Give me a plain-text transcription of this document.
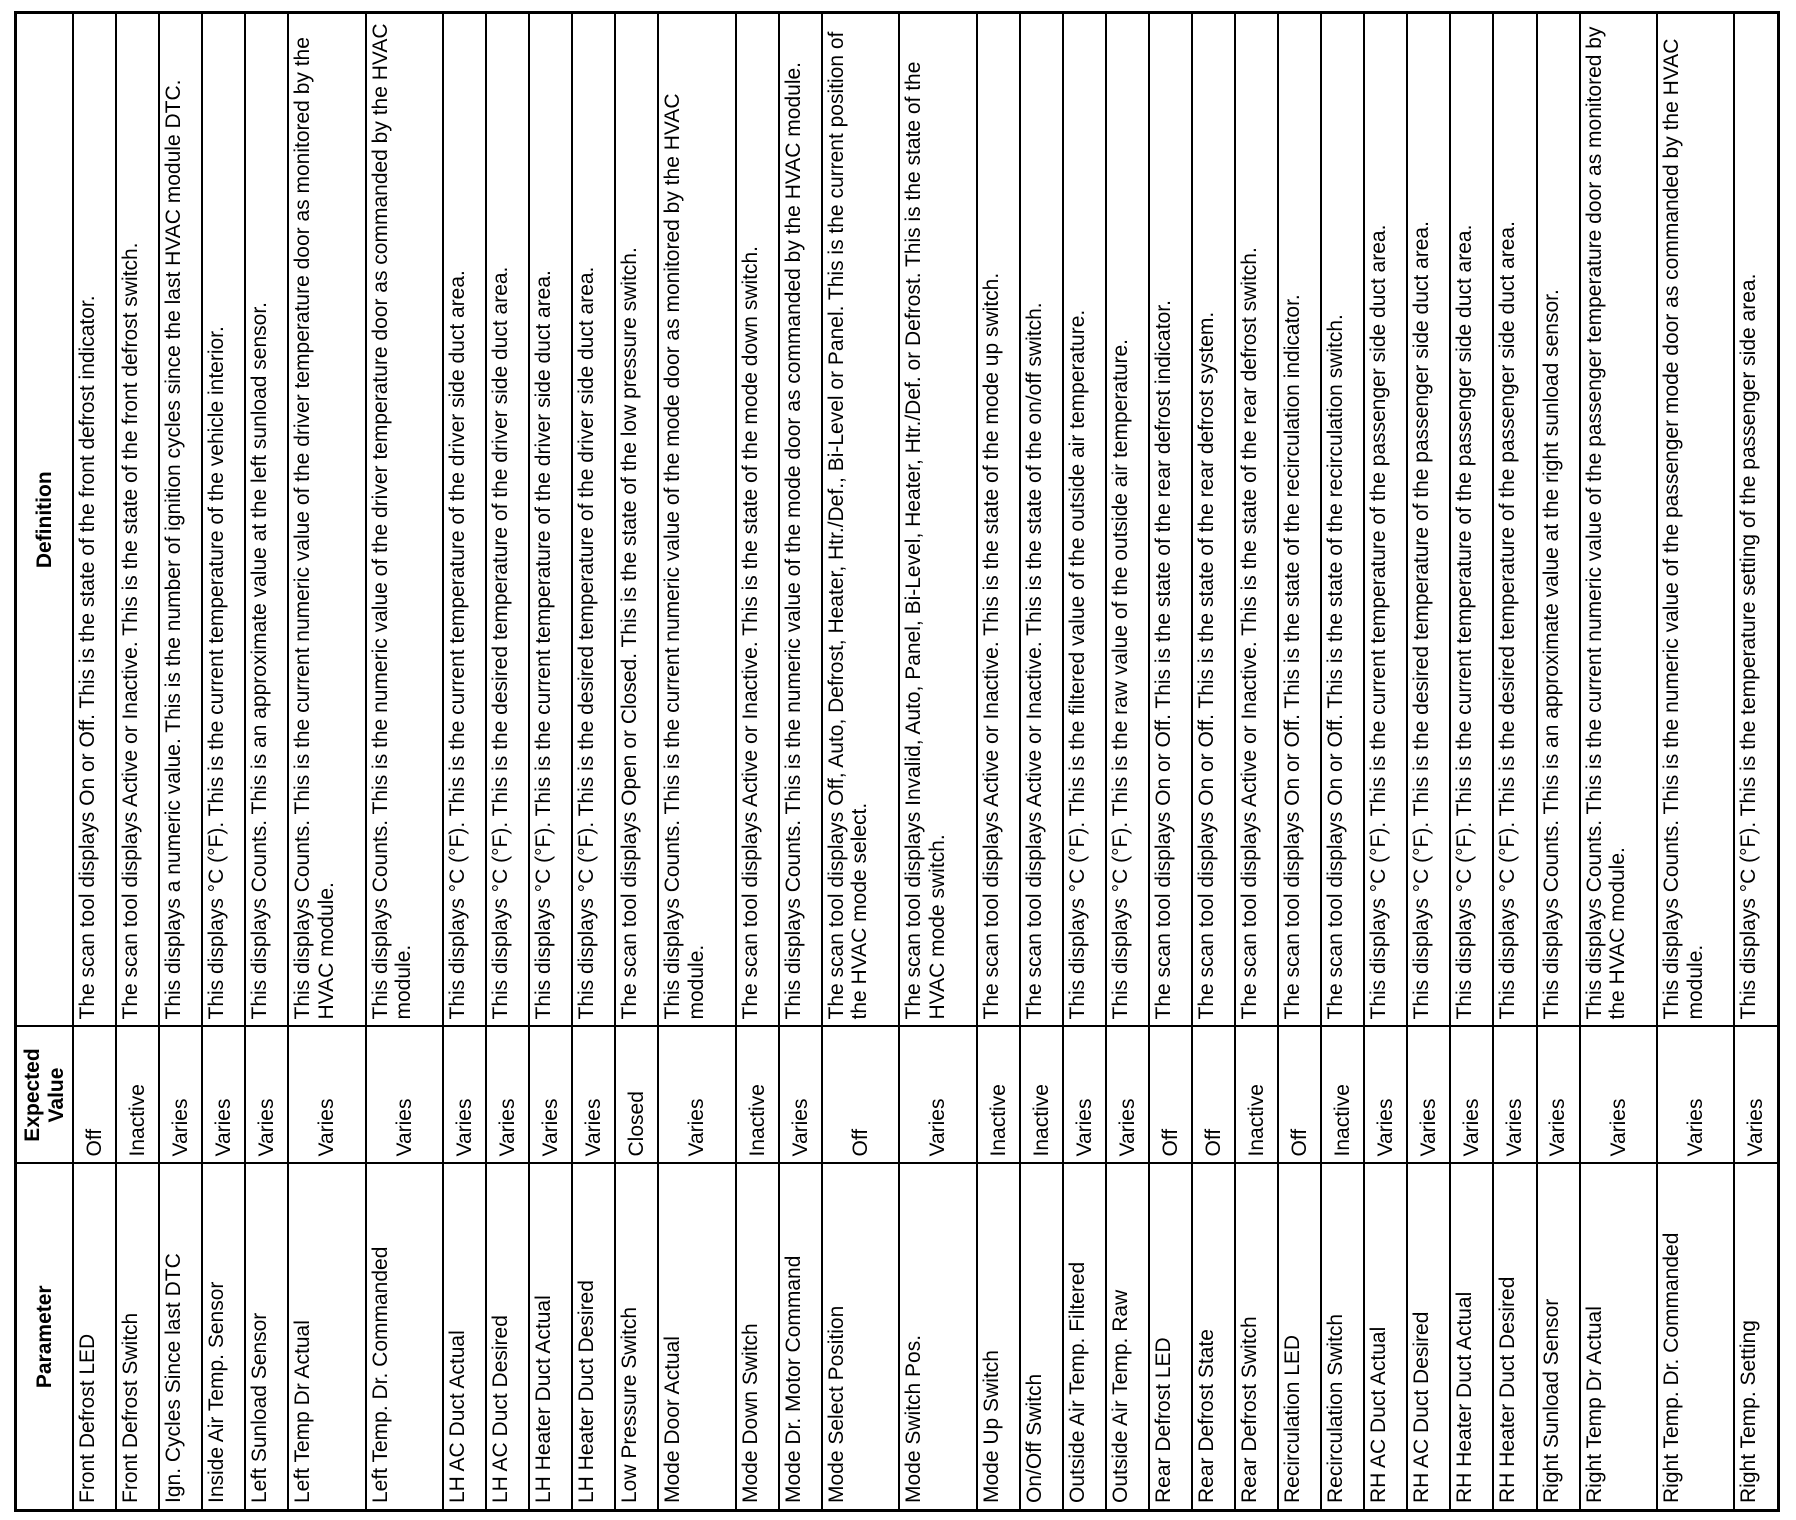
Parameter	Expected Value	Definition
Front Defrost LED	Off	The scan tool displays On or Off. This is the state of the front defrost indicator.
Front Defrost Switch	Inactive	The scan tool displays Active or Inactive. This is the state of the front defrost switch.
Ign. Cycles Since last DTC	Varies	This displays a numeric value. This is the number of ignition cycles since the last HVAC module DTC.
Inside Air Temp. Sensor	Varies	This displays °C (°F). This is the current temperature of the vehicle interior.
Left Sunload Sensor	Varies	This displays Counts. This is an approximate value at the left sunload sensor.
Left Temp Dr Actual	Varies	This displays Counts. This is the current numeric value of the driver temperature door as monitored by the HVAC module.
Left Temp. Dr. Commanded	Varies	This displays Counts. This is the numeric value of the driver temperature door as commanded by the HVAC module.
LH AC Duct Actual	Varies	This displays °C (°F). This is the current temperature of the driver side duct area.
LH AC Duct Desired	Varies	This displays °C (°F). This is the desired temperature of the driver side duct area.
LH Heater Duct Actual	Varies	This displays °C (°F). This is the current temperature of the driver side duct area.
LH Heater Duct Desired	Varies	This displays °C (°F). This is the desired temperature of the driver side duct area.
Low Pressure Switch	Closed	The scan tool displays Open or Closed. This is the state of the low pressure switch.
Mode Door Actual	Varies	This displays Counts. This is the current numeric value of the mode door as monitored by the HVAC module.
Mode Down Switch	Inactive	The scan tool displays Active or Inactive. This is the state of the mode down switch.
Mode Dr. Motor Command	Varies	This displays Counts. This is the numeric value of the mode door as commanded by the HVAC module.
Mode Select Position	Off	The scan tool displays Off, Auto, Defrost, Heater, Htr./Def., Bi-Level or Panel. This is the current position of the HVAC mode select.
Mode Switch Pos.	Varies	The scan tool displays Invalid, Auto, Panel, Bi-Level, Heater, Htr./Def. or Defrost. This is the state of the HVAC mode switch.
Mode Up Switch	Inactive	The scan tool displays Active or Inactive. This is the state of the mode up switch.
On/Off Switch	Inactive	The scan tool displays Active or Inactive. This is the state of the on/off switch.
Outside Air Temp. Filtered	Varies	This displays °C (°F). This is the filtered value of the outside air temperature.
Outside Air Temp. Raw	Varies	This displays °C (°F). This is the raw value of the outside air temperature.
Rear Defrost LED	Off	The scan tool displays On or Off. This is the state of the rear defrost indicator.
Rear Defrost State	Off	The scan tool displays On or Off. This is the state of the rear defrost system.
Rear Defrost Switch	Inactive	The scan tool displays Active or Inactive. This is the state of the rear defrost switch.
Recirculation LED	Off	The scan tool displays On or Off. This is the state of the recirculation indicator.
Recirculation Switch	Inactive	The scan tool displays On or Off. This is the state of the recirculation switch.
RH AC Duct Actual	Varies	This displays °C (°F). This is the current temperature of the passenger side duct area.
RH AC Duct Desired	Varies	This displays °C (°F). This is the desired temperature of the passenger side duct area.
RH Heater Duct Actual	Varies	This displays °C (°F). This is the current temperature of the passenger side duct area.
RH Heater Duct Desired	Varies	This displays °C (°F). This is the desired temperature of the passenger side duct area.
Right Sunload Sensor	Varies	This displays Counts. This is an approximate value at the right sunload sensor.
Right Temp Dr Actual	Varies	This displays Counts. This is the current numeric value of the passenger temperature door as monitored by the HVAC module.
Right Temp. Dr. Commanded	Varies	This displays Counts. This is the numeric value of the passenger mode door as commanded by the HVAC module.
Right Temp. Setting	Varies	This displays °C (°F). This is the temperature setting of the passenger side area.
